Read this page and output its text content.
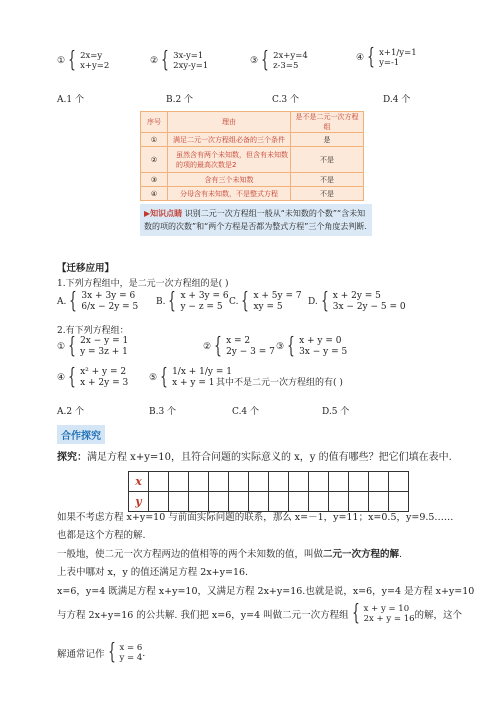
① { 2x=y
x+y=2	② { 3x-y=1
2xy-y=1	③ { 2x+y=4
z-3=5
④ { x+1/y=1
y=-1
A.1 个	B.2 个	C.3 个	D.4 个
序号	理由	是不是二元一次方程组
①	满足二元一次方程组必备的三个条件	是
②	虽然含有两个未知数，但含有未知数的项的最高次数是2	不是
③	含有三个未知数	不是
④	分母含有未知数，不是整式方程	不是
▶知识点睛 识别二元一次方程组一般从“未知数的个数”“含未知数的项的次数”和“两个方程是否都为整式方程”三个角度去判断.
【迁移应用】
1.下列方程组中，是二元一次方程组的是( )
A. { 3x + 3y = 6
6/x − 2y = 5 B. { x + 3y = 6
y − z = 5 C. { x + 5y = 7
xy = 5	D. { x + 2y = 5
3x − 2y − 5 = 0
2.有下列方程组：
① { 2x − y = 1
y = 3z + 1	② { x = 2
2y − 3 = 7 ③ { x + y = 0
3x − y = 5
④ { x² + y = 2
x + 2y = 3 ⑤ { 1/x + 1/y = 1
x + y = 1 其中不是二元一次方程组的有( )
A.2 个	B.3 个	C.4 个	D.5 个
合作探究
探究：满足方程 x+y=10，且符合问题的实际意义的 x，y 的值有哪些？把它们填在表中.
x													
y													
如果不考虑方程 x+y=10 与前面实际问题的联系，那么 x=－1，y=11；x=0.5，y=9.5……
也都是这个方程的解.
一般地，使二元一次方程两边的值相等的两个未知数的值，叫做二元一次方程的解.
上表中哪对 x，y 的值还满足方程 2x+y=16.
x=6，y=4 既满足方程 x+y=10，又满足方程 2x+y=16.也就是说，x=6，y=4 是方程 x+y=10
与方程 2x+y=16 的公共解. 我们把 x=6，y=4 叫做二元一次方程组 { x + y = 10
2x + y = 16 的解，这个
解通常记作 { x = 6
y = 4 .
